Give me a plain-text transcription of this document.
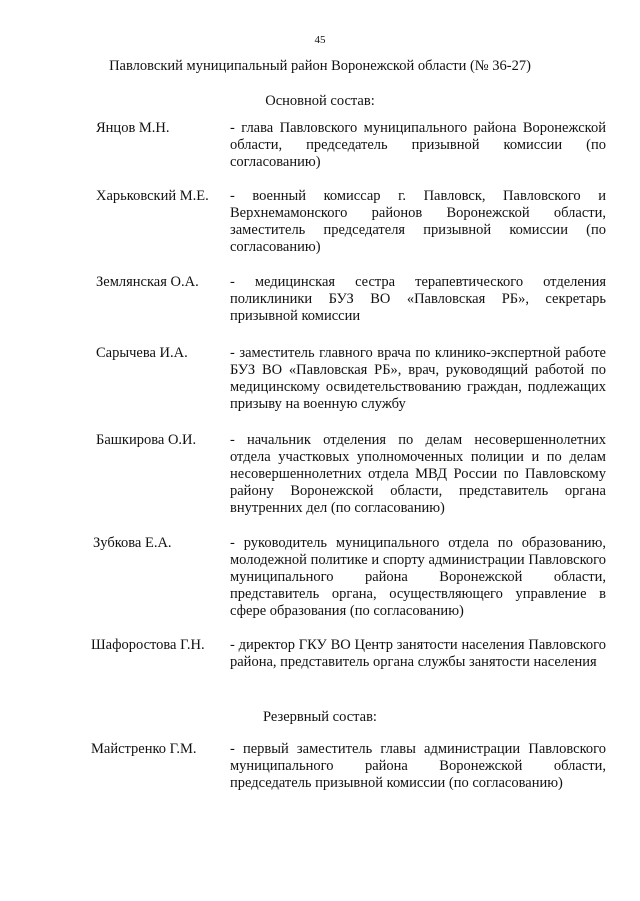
45
Павловский муниципальный район Воронежской области (№ 36-27)
Основной состав:
Янцов М.Н.	- глава Павловского муниципального района Воронежской области, председатель призывной комиссии (по согласованию)
Харьковский М.Е. - военный комиссар г. Павловск, Павловского и Верхнемамонского районов Воронежской области, заместитель председателя призывной комиссии (по согласованию)
Землянская О.А. - медицинская сестра терапевтического отделения поликлиники БУЗ ВО «Павловская РБ», секретарь призывной комиссии
Сарычева И.А.	- заместитель главного врача по клинико-экспертной работе БУЗ ВО «Павловская РБ», врач, руководящий работой по медицинскому освидетельствованию граждан, подлежащих призыву на военную службу
Башкирова О.И. - начальник отделения по делам несовершеннолетних отдела участковых уполномоченных полиции и по делам несовершеннолетних отдела МВД России по Павловскому району Воронежской области, представитель органа внутренних дел (по согласованию)
Зубкова Е.А.	- руководитель муниципального отдела по образованию, молодежной политике и спорту администрации Павловского муниципального района Воронежской области, представитель органа, осуществляющего управление в сфере образования (по согласованию)
Шафоростова Г.Н. - директор ГКУ ВО Центр занятости населения Павловского района, представитель органа службы занятости населения
Резервный состав:
Майстренко Г.М. - первый заместитель главы администрации Павловского муниципального района Воронежской области, председатель призывной комиссии (по согласованию)
